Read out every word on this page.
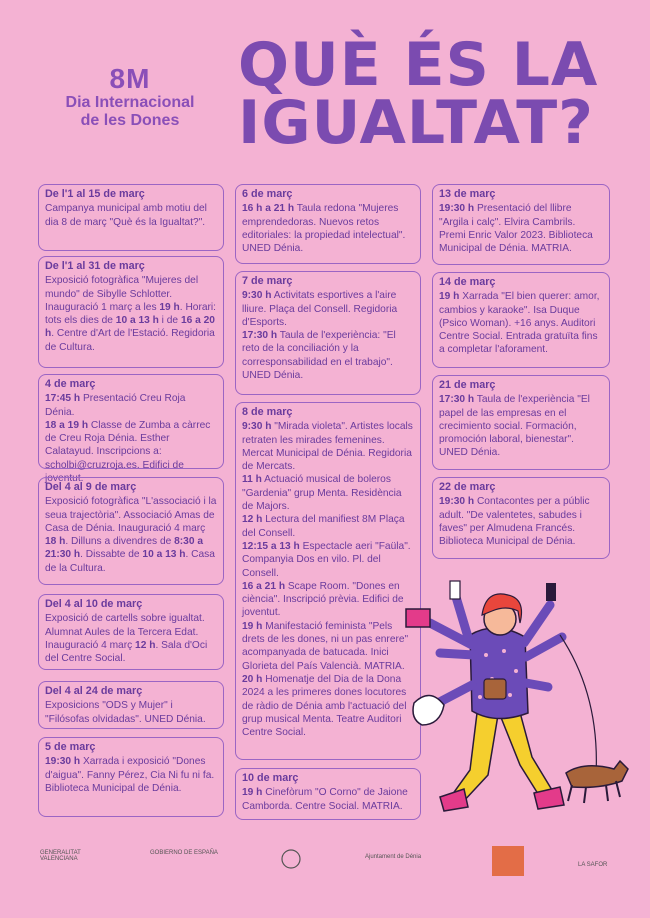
8M
Dia Internacional
de les Dones
QUÈ ÉS LA
IGUALTAT?
De l'1 al 15 de març
Campanya municipal amb motiu del dia 8 de març "Què és la Igualtat?".
De l'1 al 31 de març
Exposició fotogràfica "Mujeres del mundo" de Sibylle Schlotter. Inauguració 1 març a les 19 h. Horari: tots els dies de 10 a 13 h i de 16 a 20 h. Centre d'Art de l'Estació. Regidoria de Cultura.
4 de març
17:45 h Presentació Creu Roja Dénia.
18 a 19 h Classe de Zumba a càrrec de Creu Roja Dénia. Esther Calatayud. Inscripcions a: scholbi@cruzroja.es. Edifici de joventut.
Del 4 al 9 de març
Exposició fotogràfica "L'associació i la seua trajectòria". Associació Amas de Casa de Dénia. Inauguració 4 març 18 h. Dilluns a divendres de 8:30 a 21:30 h. Dissabte de 10 a 13 h. Casa de la Cultura.
Del 4 al 10 de març
Exposició de cartells sobre igualtat. Alumnat Aules de la Tercera Edat. Inauguració 4 març 12 h. Sala d'Oci del Centre Social.
Del 4 al 24 de març
Exposicions "ODS y Mujer" i "Filósofas olvidadas". UNED Dénia.
5 de març
19:30 h Xarrada i exposició "Dones d'aigua". Fanny Pérez, Cia Ni fu ni fa. Biblioteca Municipal de Dénia.
6 de març
16 h a 21 h Taula redona "Mujeres emprendedoras. Nuevos retos editoriales: la propiedad intelectual". UNED Dénia.
7 de març
9:30 h Activitats esportives a l'aire lliure. Plaça del Consell. Regidoria d'Esports.
17:30 h Taula de l'experiència: "El reto de la conciliación y la corresponsabilidad en el trabajo". UNED Dénia.
8 de març
9:30 h "Mirada violeta". Artistes locals retraten les mirades femenines. Mercat Municipal de Dénia. Regidoria de Mercats.
11 h Actuació musical de boleros "Gardenia" grup Menta. Residència de Majors.
12 h Lectura del manifiest 8M Plaça del Consell.
12:15 a 13 h Espectacle aeri "Faüla". Companyia Dos en vilo. Pl. del Consell.
16 a 21 h Scape Room. "Dones en ciència". Inscripció prèvia. Edifici de joventut.
19 h Manifestació feminista "Pels drets de les dones, ni un pas enrere" acompanyada de batucada. Inici Glorieta del País Valencià. MATRIA.
20 h Homenatje del Dia de la Dona 2024 a les primeres dones locutores de ràdio de Dénia amb l'actuació del grup musical Menta. Teatre Auditori Centre Social.
10 de març
19 h Cinefòrum "O Corno" de Jaione Camborda. Centre Social. MATRIA.
13 de març
19:30 h Presentació del llibre "Argila i calç". Elvira Cambrils. Premi Enric Valor 2023. Biblioteca Municipal de Dénia. MATRIA.
14 de març
19 h Xarrada "El bien querer: amor, cambios y karaoke". Isa Duque (Psico Woman). +16 anys. Auditori Centre Social. Entrada gratuïta fins a completar l'aforament.
21 de març
17:30 h Taula de l'experiència "El papel de las empresas en el crecimiento social. Formación, promoción laboral, bienestar". UNED Dénia.
22 de març
19:30 h Contacontes per a públic adult. "De valentetes, sabudes i faves" per Almudena Francés. Biblioteca Municipal de Dénia.
GENERALITAT VALENCIANA
GOBIERNO DE ESPAÑA
Ajuntament de Dénia
LA SAFOR
